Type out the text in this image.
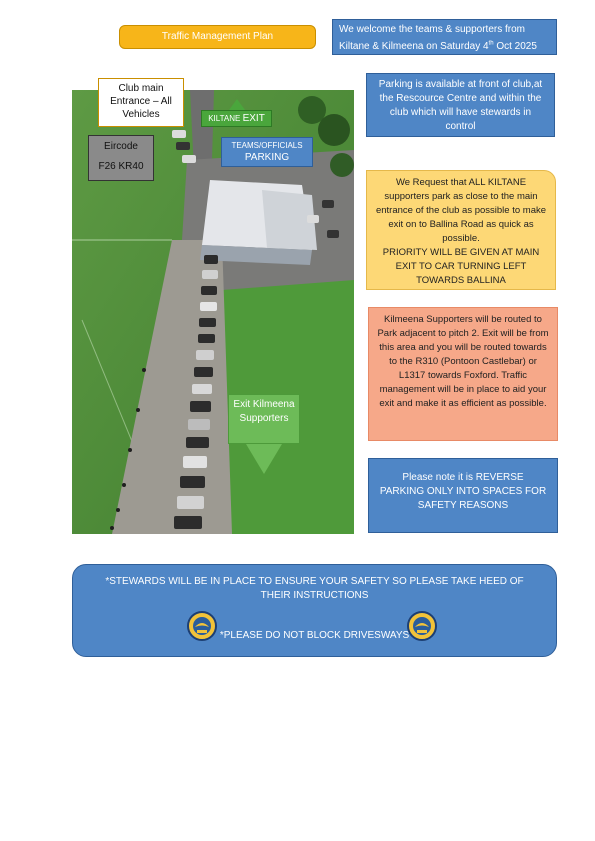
Traffic Management Plan
We welcome the teams & supporters from
Kiltane & Kilmeena on Saturday 4th Oct 2025
Club main Entrance – All Vehicles
Eircode
F26 KR40
KILTANE EXIT
TEAMS/OFFICIALS
PARKING
Exit Kilmeena Supporters
Parking is available at front of club,at the Rescource Centre and within the club which will have stewards in control
We Request that ALL KILTANE supporters park as close to the main entrance of the club as possible to make exit on to Ballina Road as quick as possible.
PRIORITY WILL BE GIVEN AT MAIN EXIT TO CAR TURNING LEFT TOWARDS BALLINA
Kilmeena Supporters will be routed to Park adjacent to pitch 2. Exit will be from this area and you will be routed towards to the R310 (Pontoon Castlebar) or L1317 towards Foxford. Traffic management will be in place to aid your exit and make it as efficient as possible.
Please note it is REVERSE PARKING ONLY INTO SPACES FOR SAFETY REASONS
*STEWARDS WILL BE IN PLACE TO ENSURE YOUR SAFETY SO PLEASE TAKE HEED OF THEIR INSTRUCTIONS
*PLEASE DO NOT BLOCK DRIVESWAYS
